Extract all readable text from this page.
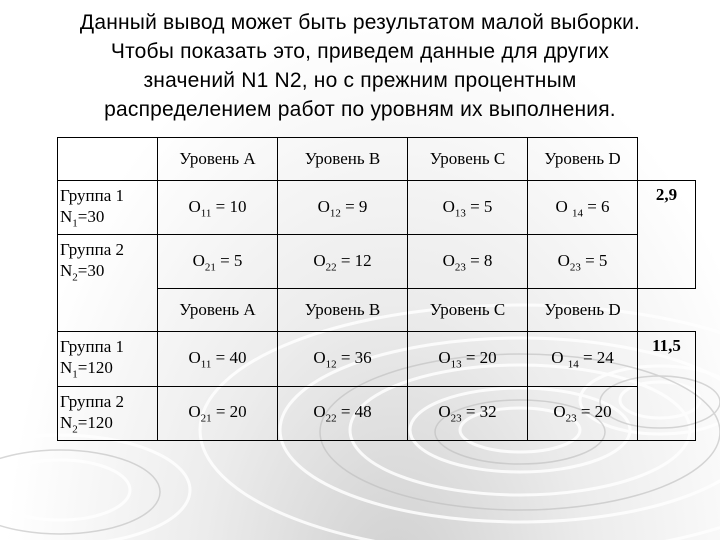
Данный вывод может быть результатом малой выборки.
Чтобы показать это, приведем данные для других
значений N1 N2, но с прежним процентным
распределением работ по уровням их выполнения.
	Уровень А	Уровень В	Уровень С	Уровень D	
Группа 1
$N_1=30$	$O_{11} = 10$	$O_{12} = 9$	$O_{13} = 5$	O $_{14}$ = 6	2,9
Группа 2
$N_2=30$	$O_{21} = 5$	$O_{22} = 12$	$O_{23} = 8$	$O_{23} = 5$	
	Уровень А	Уровень В	Уровень С	Уровень D	
Группа 1
$N_1=120$	$O_{11} = 40$	$O_{12} = 36$	$O_{13} = 20$	O $_{14}$ = 24	11,5
Группа 2
$N_2=120$	$O_{21} = 20$	$O_{22} = 48$	$O_{23} = 32$	$O_{23} = 20$	
